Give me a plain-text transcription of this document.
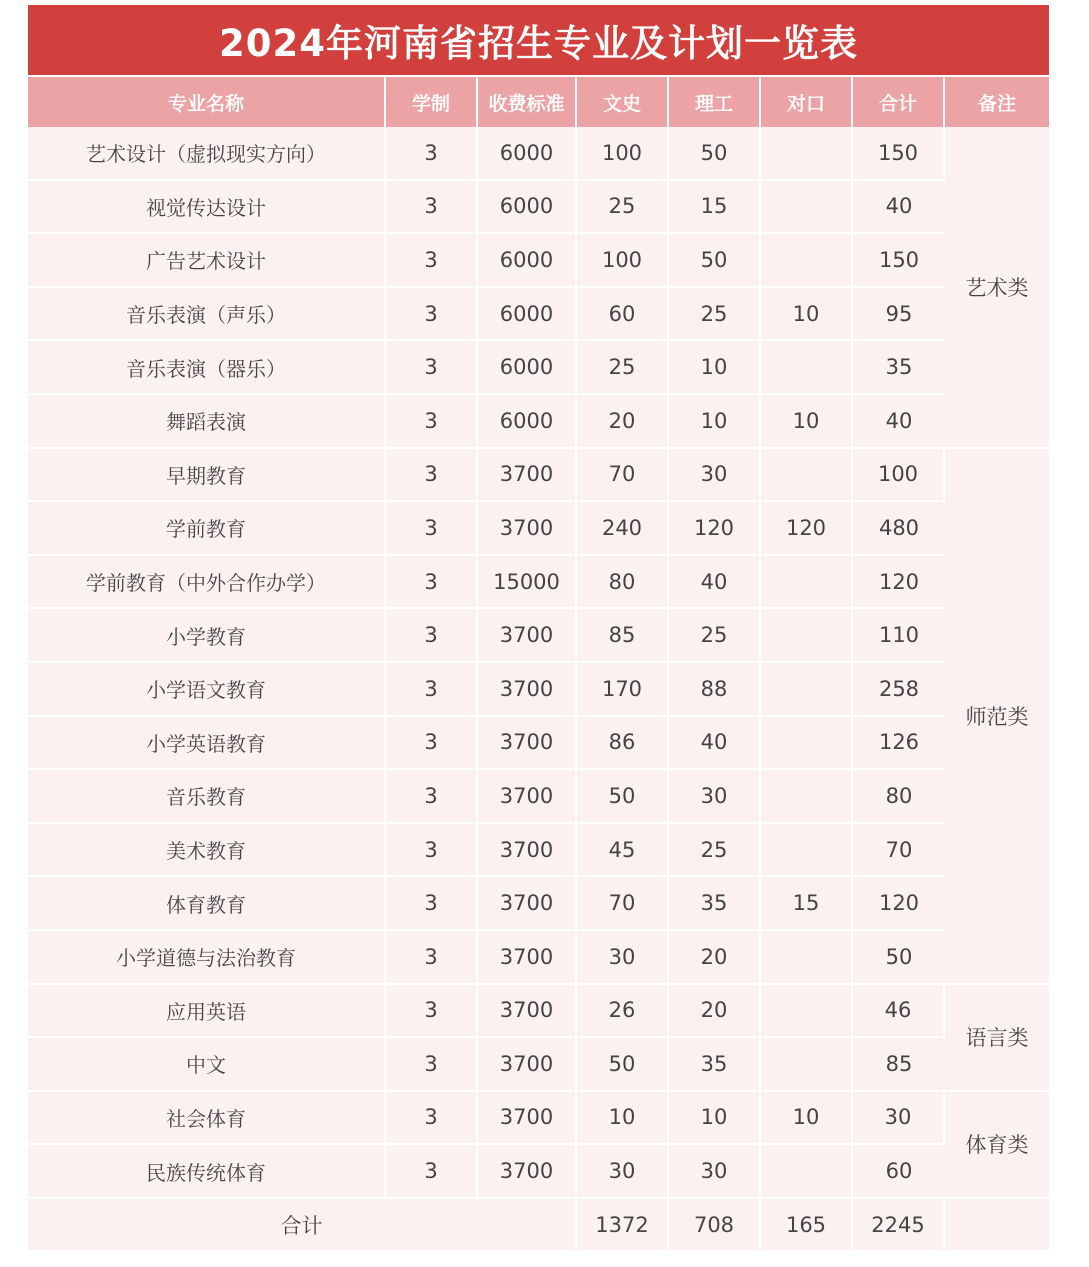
2024年河南省招生专业及计划一览表
专业名称	学制	收费标准	文史	理工	对口	合计	备注
艺术设计（虚拟现实方向）	3	6000	100	50		150	艺术类
视觉传达设计	3	6000	25	15		40	
广告艺术设计	3	6000	100	50		150	
音乐表演（声乐）	3	6000	60	25	10	95	
音乐表演（器乐）	3	6000	25	10		35	
舞蹈表演	3	6000	20	10	10	40	
早期教育	3	3700	70	30		100	师范类
学前教育	3	3700	240	120	120	480	
学前教育（中外合作办学）	3	15000	80	40		120	
小学教育	3	3700	85	25		110	
小学语文教育	3	3700	170	88		258	
小学英语教育	3	3700	86	40		126	
音乐教育	3	3700	50	30		80	
美术教育	3	3700	45	25		70	
体育教育	3	3700	70	35	15	120	
小学道德与法治教育	3	3700	30	20		50	
应用英语	3	3700	26	20		46	语言类
中文	3	3700	50	35		85	
社会体育	3	3700	10	10	10	30	体育类
民族传统体育	3	3700	30	30		60	
合计			1372	708	165	2245	
